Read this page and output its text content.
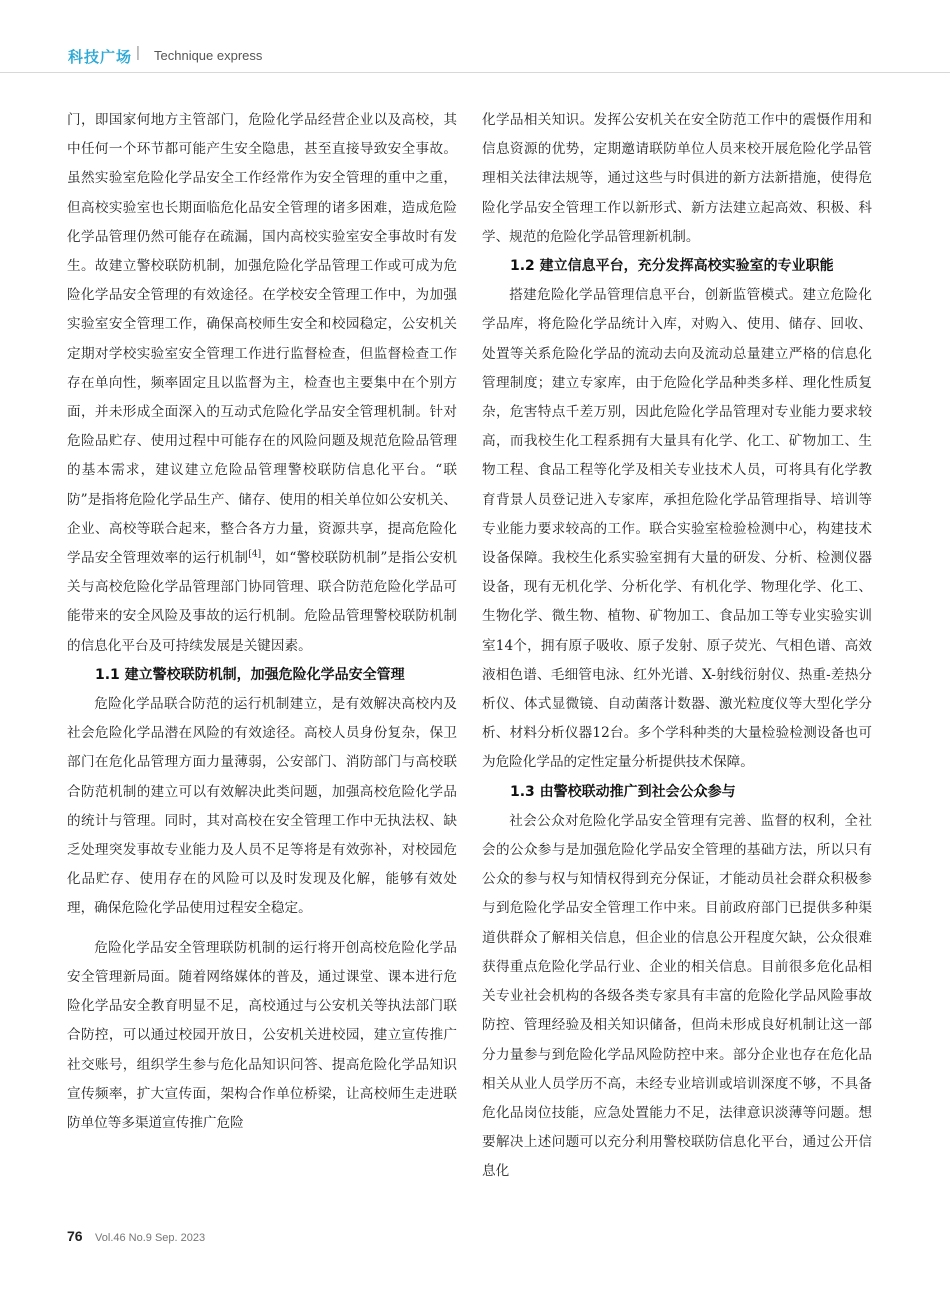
科技广场 | Technique express

门，即国家何地方主管部门，危险化学品经营企业以及高校，其中任何一个环节都可能产生安全隐患，甚至直接导致安全事故。虽然实验室危险化学品安全工作经常作为安全管理的重中之重，但高校实验室也长期面临危化品安全管理的诸多困难，造成危险化学品管理仍然可能存在疏漏，国内高校实验室安全事故时有发生。故建立警校联防机制，加强危险化学品管理工作或可成为危险化学品安全管理的有效途径。在学校安全管理工作中，为加强实验室安全管理工作，确保高校师生安全和校园稳定，公安机关定期对学校实验室安全管理工作进行监督检查，但监督检查工作存在单向性，频率固定且以监督为主，检查也主要集中在个别方面，并未形成全面深入的互动式危险化学品安全管理机制。针对危险品贮存、使用过程中可能存在的风险问题及规范危险品管理的基本需求，建议建立危险品管理警校联防信息化平台。“联防”是指将危险化学品生产、储存、使用的相关单位如公安机关、企业、高校等联合起来，整合各方力量，资源共享，提高危险化学品安全管理效率的运行机制[4]，如“警校联防机制”是指公安机关与高校危险化学品管理部门协同管理、联合防范危险化学品可能带来的安全风险及事故的运行机制。危险品管理警校联防机制的信息化平台及可持续发展是关键因素。

1.1 建立警校联防机制，加强危险化学品安全管理

危险化学品联合防范的运行机制建立，是有效解决高校内及社会危险化学品潜在风险的有效途径。高校人员身份复杂，保卫部门在危化品管理方面力量薄弱，公安部门、消防部门与高校联合防范机制的建立可以有效解决此类问题，加强高校危险化学品的统计与管理。同时，其对高校在安全管理工作中无执法权、缺乏处理突发事故专业能力及人员不足等将是有效弥补，对校园危化品贮存、使用存在的风险可以及时发现及化解，能够有效处理，确保危险化学品使用过程安全稳定。

危险化学品安全管理联防机制的运行将开创高校危险化学品安全管理新局面。随着网络媒体的普及，通过课堂、课本进行危险化学品安全教育明显不足，高校通过与公安机关等执法部门联合防控，可以通过校园开放日，公安机关进校园，建立宣传推广社交账号，组织学生参与危化品知识问答、提高危险化学品知识宣传频率，扩大宣传面，架构合作单位桥梁，让高校师生走进联防单位等多渠道宣传推广危险

化学品相关知识。发挥公安机关在安全防范工作中的震慑作用和信息资源的优势，定期邀请联防单位人员来校开展危险化学品管理相关法律法规等，通过这些与时俱进的新方法新措施，使得危险化学品安全管理工作以新形式、新方法建立起高效、积极、科学、规范的危险化学品管理新机制。

1.2 建立信息平台，充分发挥高校实验室的专业职能

搭建危险化学品管理信息平台，创新监管模式。建立危险化学品库，将危险化学品统计入库，对购入、使用、储存、回收、处置等关系危险化学品的流动去向及流动总量建立严格的信息化管理制度；建立专家库，由于危险化学品种类多样、理化性质复杂，危害特点千差万别，因此危险化学品管理对专业能力要求较高，而我校生化工程系拥有大量具有化学、化工、矿物加工、生物工程、食品工程等化学及相关专业技术人员，可将具有化学教育背景人员登记进入专家库，承担危险化学品管理指导、培训等专业能力要求较高的工作。联合实验室检验检测中心，构建技术设备保障。我校生化系实验室拥有大量的研发、分析、检测仪器设备，现有无机化学、分析化学、有机化学、物理化学、化工、生物化学、微生物、植物、矿物加工、食品加工等专业实验实训室14个，拥有原子吸收、原子发射、原子荧光、气相色谱、高效液相色谱、毛细管电泳、红外光谱、X-射线衍射仪、热重-差热分析仪、体式显微镜、自动菌落计数器、激光粒度仪等大型化学分析、材料分析仪器12台。多个学科种类的大量检验检测设备也可为危险化学品的定性定量分析提供技术保障。

1.3 由警校联动推广到社会公众参与

社会公众对危险化学品安全管理有完善、监督的权利，全社会的公众参与是加强危险化学品安全管理的基础方法，所以只有公众的参与权与知情权得到充分保证，才能动员社会群众积极参与到危险化学品安全管理工作中来。目前政府部门已提供多种渠道供群众了解相关信息，但企业的信息公开程度欠缺，公众很难获得重点危险化学品行业、企业的相关信息。目前很多危化品相关专业社会机构的各级各类专家具有丰富的危险化学品风险事故防控、管理经验及相关知识储备，但尚未形成良好机制让这一部分力量参与到危险化学品风险防控中来。部分企业也存在危化品相关从业人员学历不高，未经专业培训或培训深度不够，不具备危化品岗位技能，应急处置能力不足，法律意识淡薄等问题。想要解决上述问题可以充分利用警校联防信息化平台，通过公开信息化

76 Vol.46 No.9 Sep. 2023
